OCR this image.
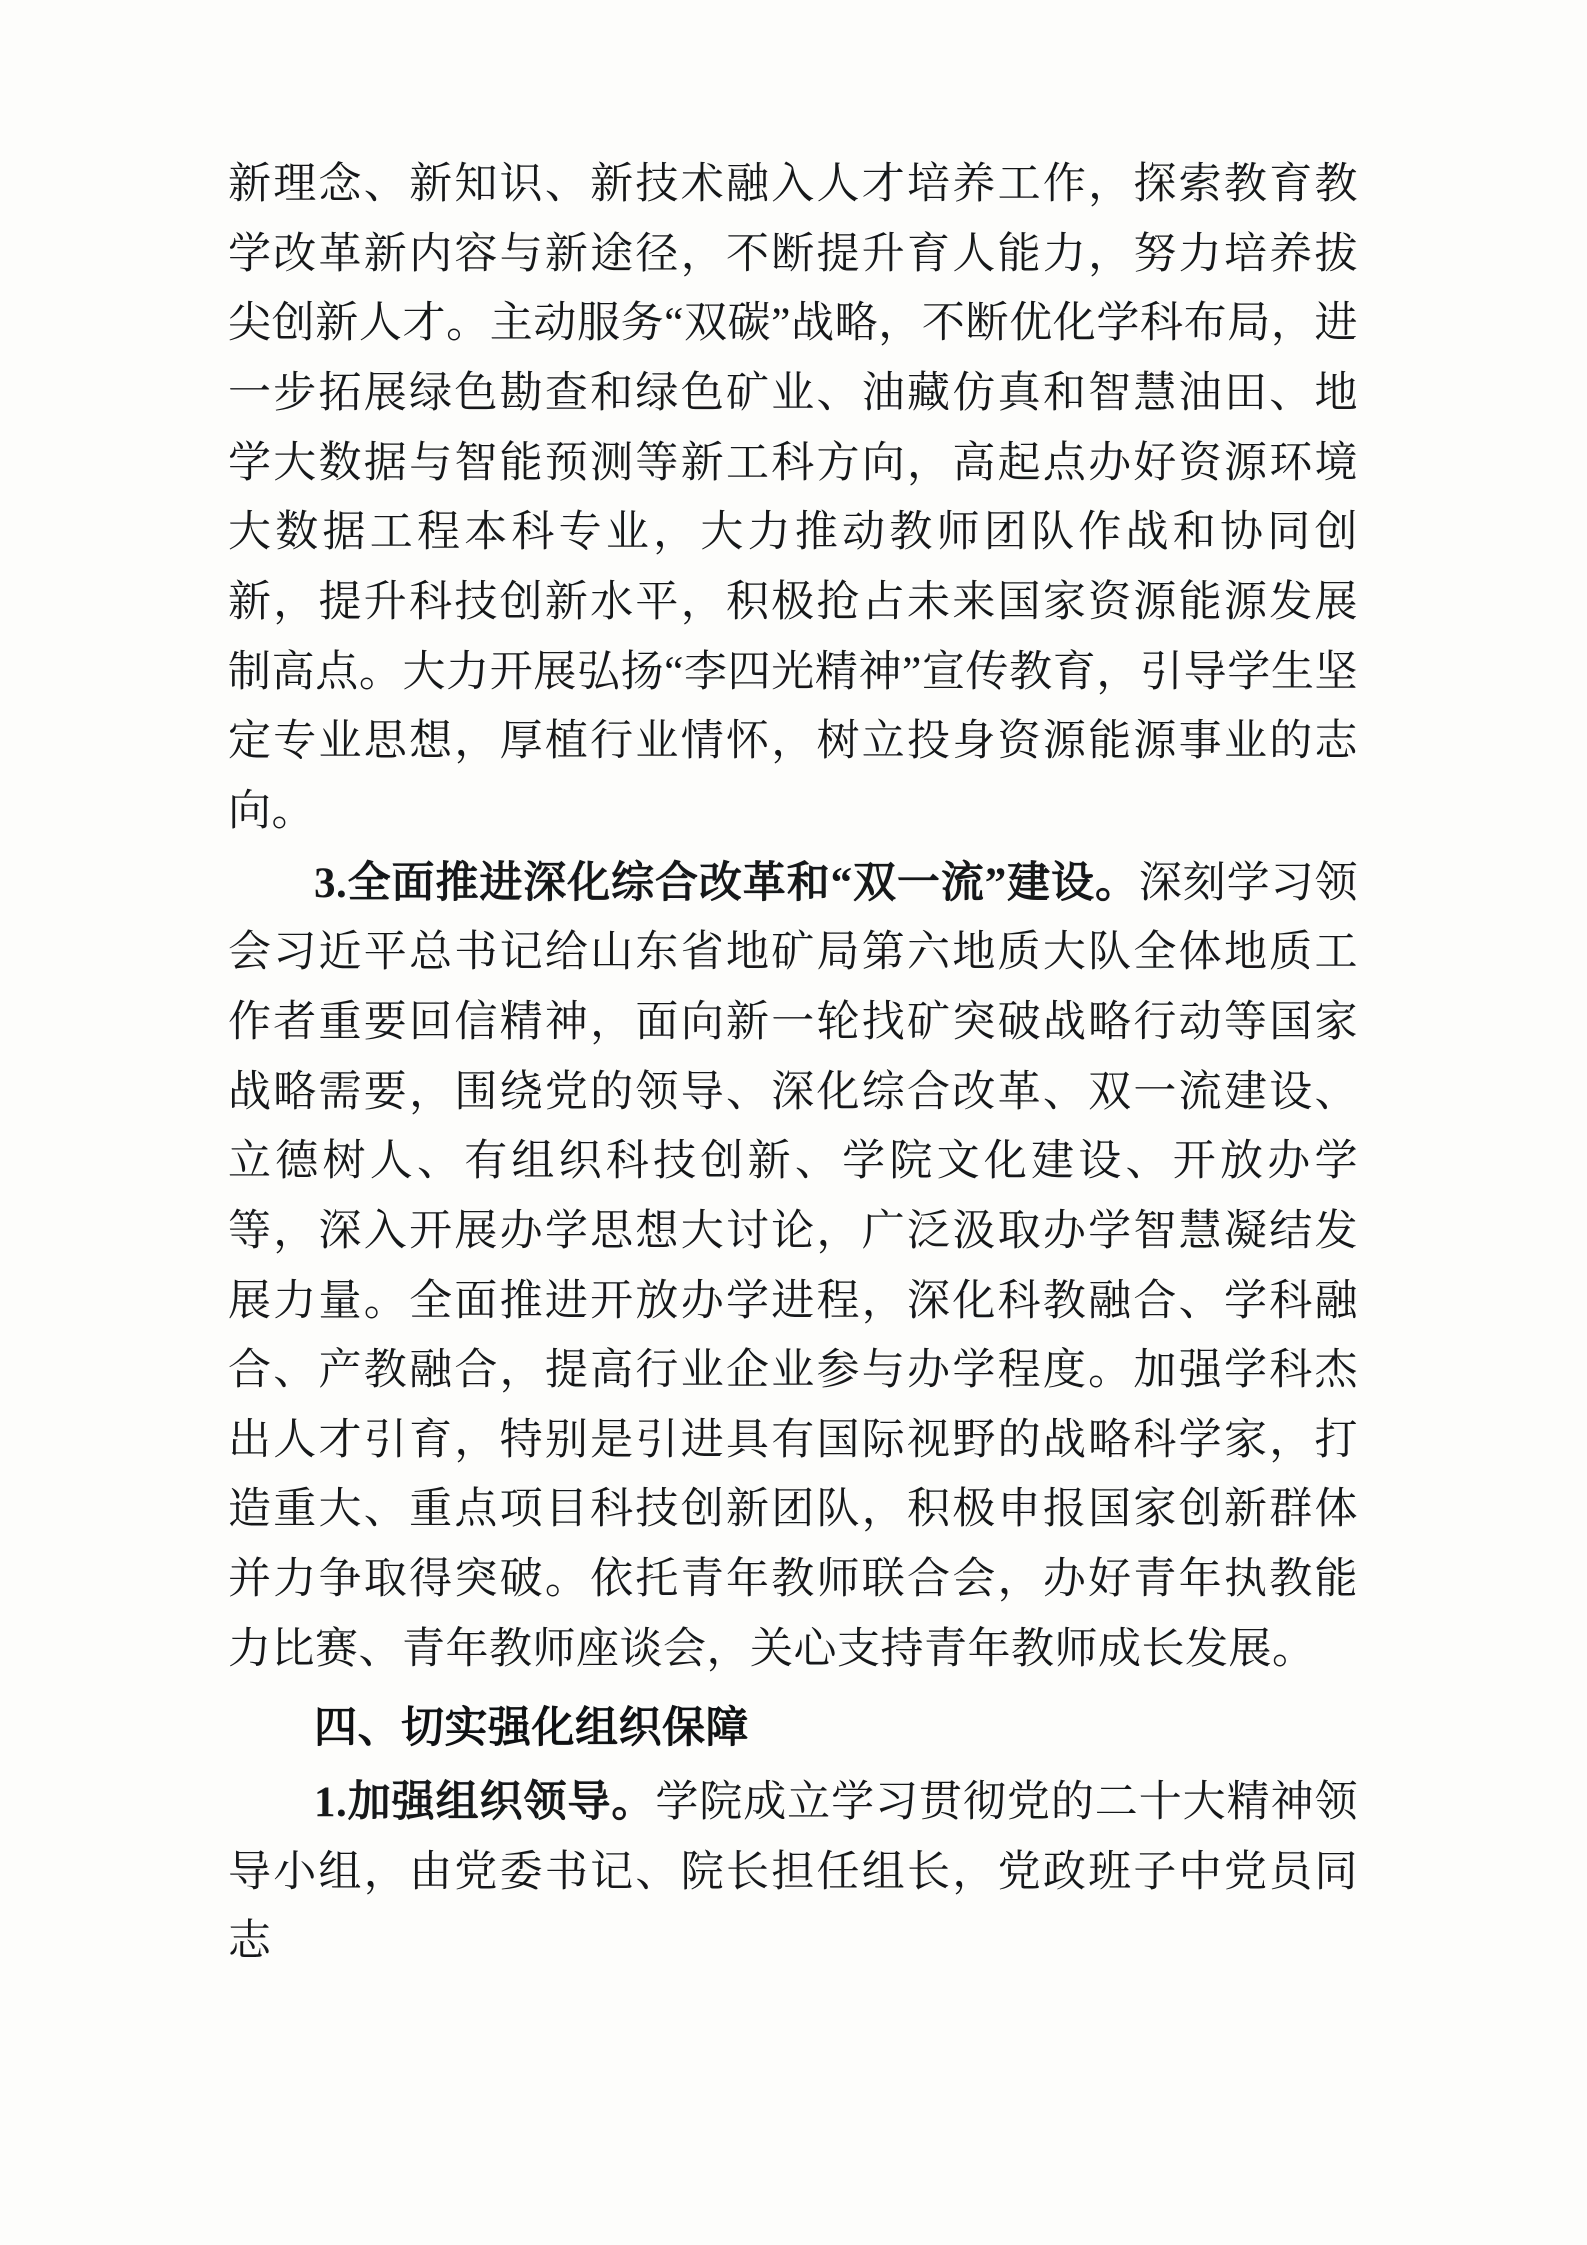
新理念、新知识、新技术融入人才培养工作，探索教育教学改革新内容与新途径，不断提升育人能力，努力培养拔尖创新人才。主动服务“双碳”战略，不断优化学科布局，进一步拓展绿色勘查和绿色矿业、油藏仿真和智慧油田、地学大数据与智能预测等新工科方向，高起点办好资源环境大数据工程本科专业，大力推动教师团队作战和协同创新，提升科技创新水平，积极抢占未来国家资源能源发展制高点。大力开展弘扬“李四光精神”宣传教育，引导学生坚定专业思想，厚植行业情怀，树立投身资源能源事业的志向。

3.全面推进深化综合改革和“双一流”建设。深刻学习领会习近平总书记给山东省地矿局第六地质大队全体地质工作者重要回信精神，面向新一轮找矿突破战略行动等国家战略需要，围绕党的领导、深化综合改革、双一流建设、立德树人、有组织科技创新、学院文化建设、开放办学等，深入开展办学思想大讨论，广泛汲取办学智慧凝结发展力量。全面推进开放办学进程，深化科教融合、学科融合、产教融合，提高行业企业参与办学程度。加强学科杰出人才引育，特别是引进具有国际视野的战略科学家，打造重大、重点项目科技创新团队，积极申报国家创新群体并力争取得突破。依托青年教师联合会，办好青年执教能力比赛、青年教师座谈会，关心支持青年教师成长发展。

四、切实强化组织保障

1.加强组织领导。学院成立学习贯彻党的二十大精神领导小组，由党委书记、院长担任组长，党政班子中党员同志
